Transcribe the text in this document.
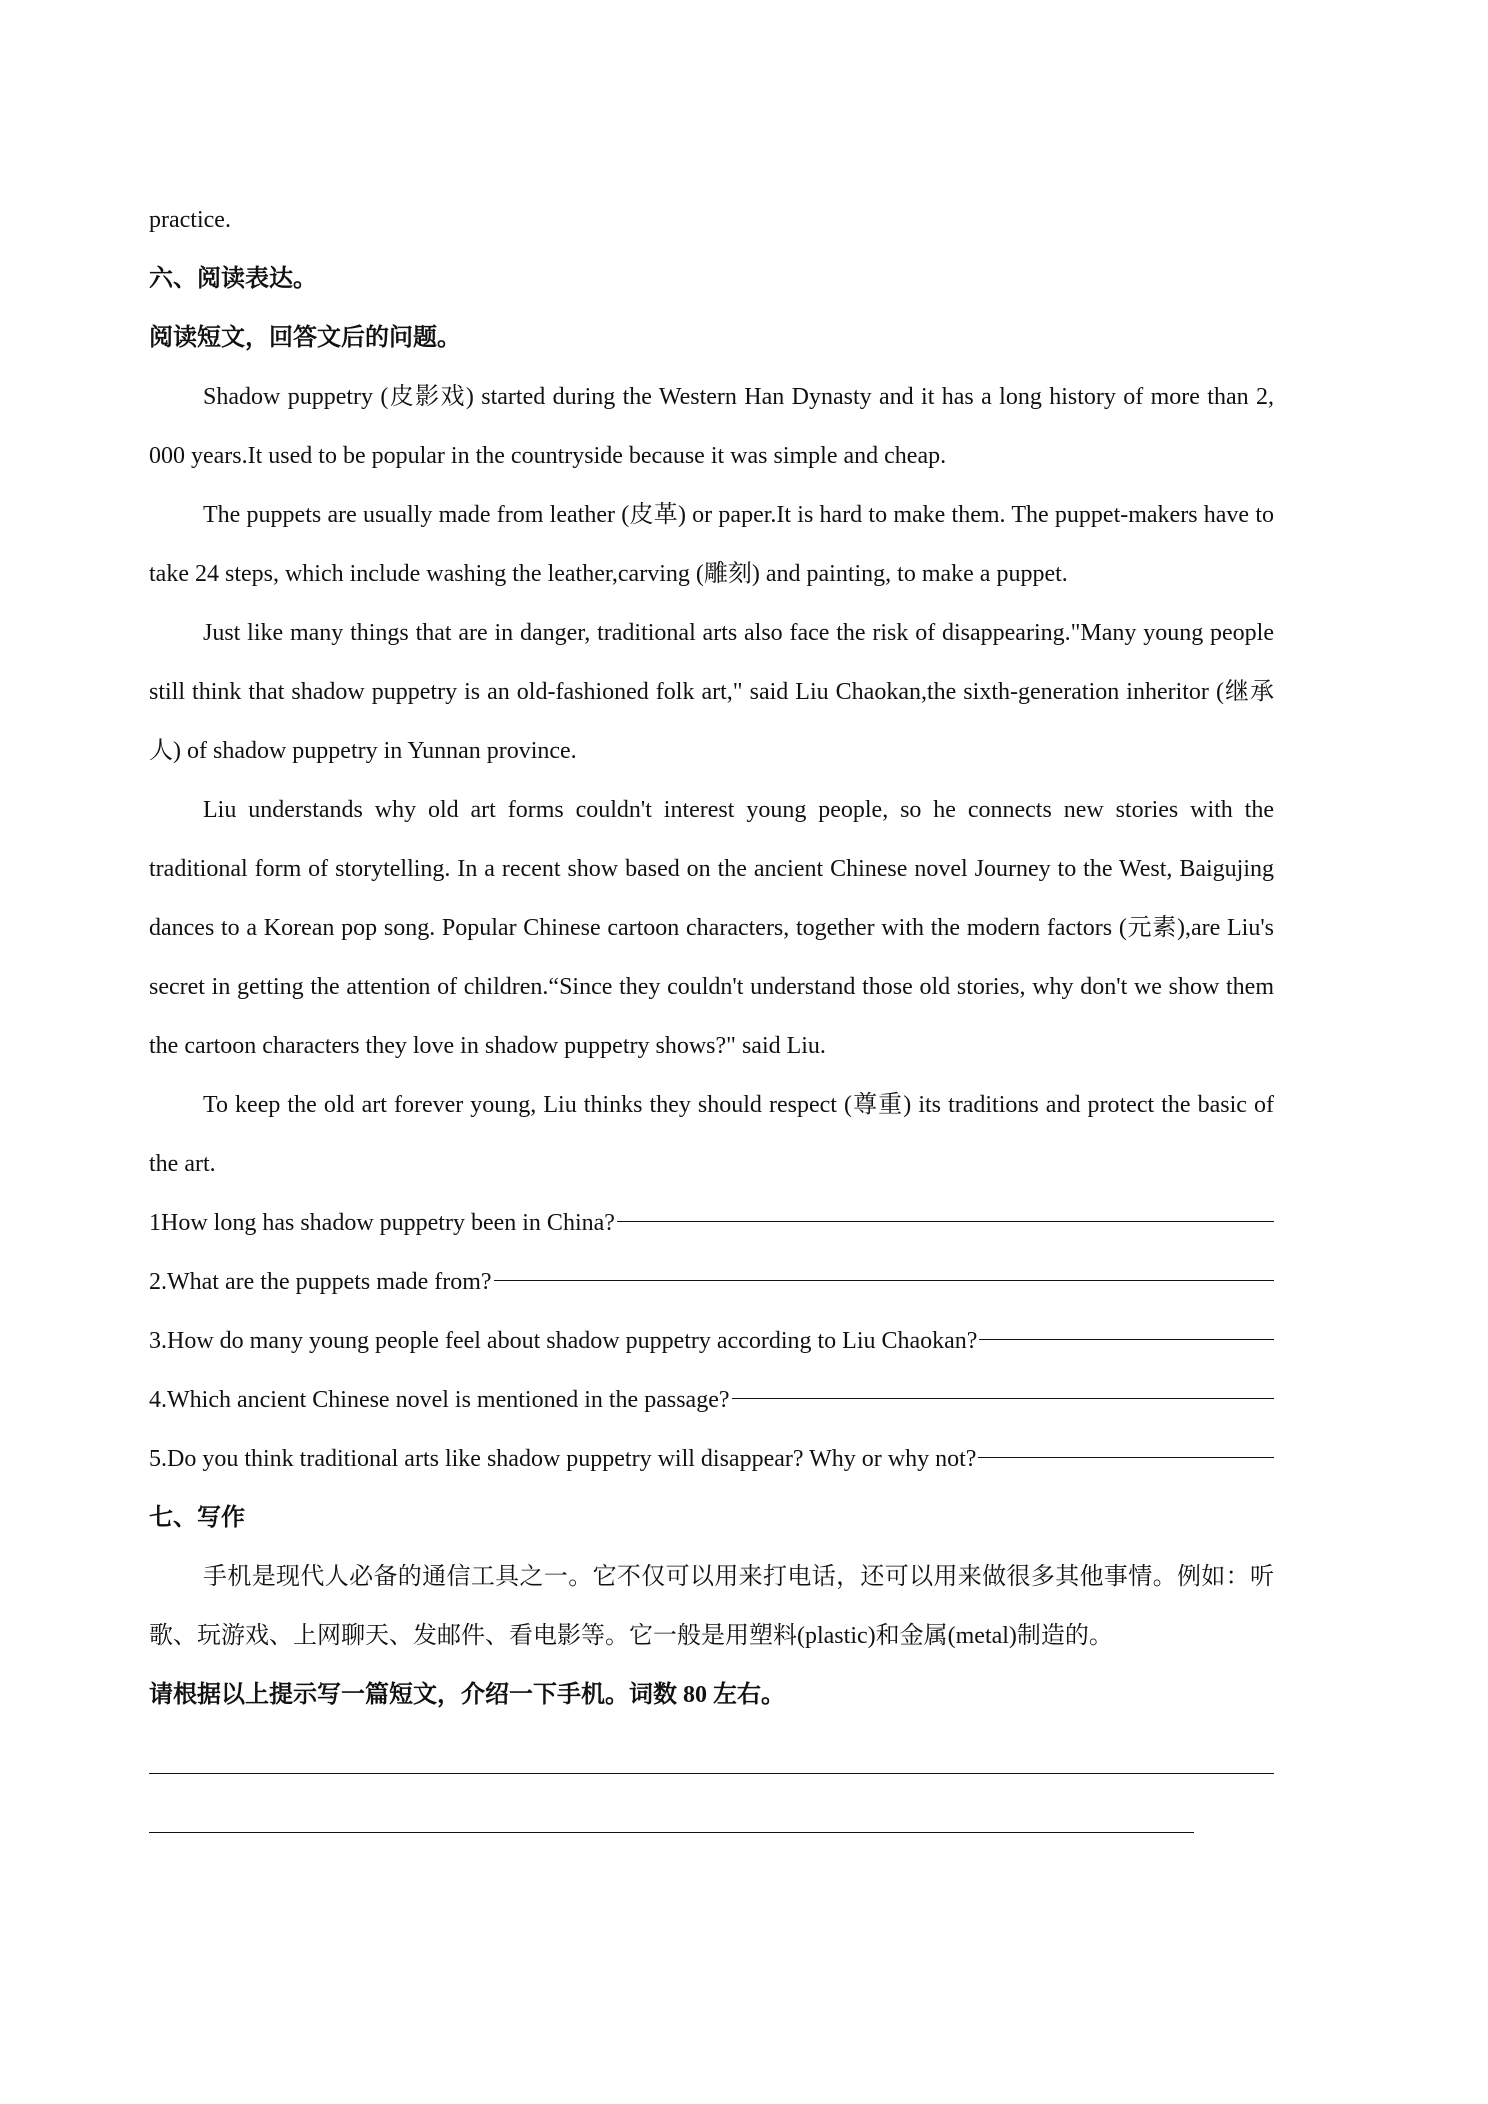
practice.
六、阅读表达。
阅读短文，回答文后的问题。
Shadow puppetry (皮影戏) started during the Western Han Dynasty and it has a long history of more than 2, 000 years.It used to be popular in the countryside because it was simple and cheap.
The puppets are usually made from leather (皮革) or paper.It is hard to make them. The puppet-makers have to take 24 steps, which include washing the leather,carving (雕刻) and painting, to make a puppet.
Just like many things that are in danger, traditional arts also face the risk of disappearing."Many young people still think that shadow puppetry is an old-fashioned folk art," said Liu Chaokan,the sixth-generation inheritor (继承人) of shadow puppetry in Yunnan province.
Liu understands why old art forms couldn't interest young people, so he connects new stories with the traditional form of storytelling. In a recent show based on the ancient Chinese novel Journey to the West, Baigujing dances to a Korean pop song. Popular Chinese cartoon characters, together with the modern factors (元素),are Liu's secret in getting the attention of children.“Since they couldn't understand those old stories, why don't we show them the cartoon characters they love in shadow puppetry shows?" said Liu.
To keep the old art forever young, Liu thinks they should respect (尊重) its traditions and protect the basic of the art.
1How long has shadow puppetry been in China?
2.What are the puppets made from?
3.How do many young people feel about shadow puppetry according to Liu Chaokan?
4.Which ancient Chinese novel is mentioned in the passage?
5.Do you think traditional arts like shadow puppetry will disappear? Why or why not?
七、写作
手机是现代人必备的通信工具之一。它不仅可以用来打电话，还可以用来做很多其他事情。例如：听歌、玩游戏、上网聊天、发邮件、看电影等。它一般是用塑料(plastic)和金属(metal)制造的。
请根据以上提示写一篇短文，介绍一下手机。词数 80 左右。
